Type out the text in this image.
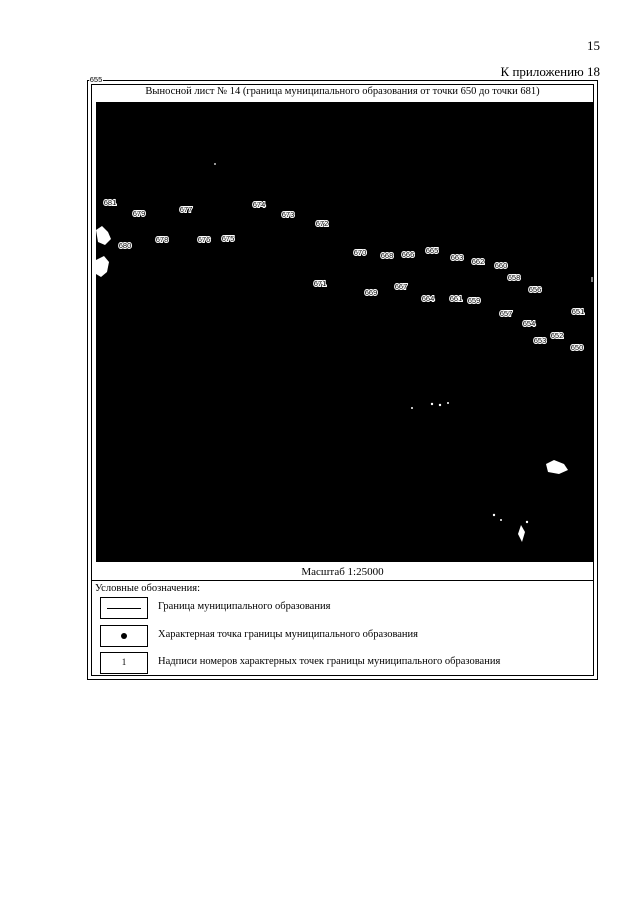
15
К приложению 18
Выносной лист № 14 (граница муниципального образования от точки 650 до точки 681)
681
679	677
674
673
672
680
678	676 675
670 668 666 665
663 662 660
658
671
669
667
664 661 659
656
657	651
654
653
652
650
655
Масштаб 1:25000
Условные обозначения:
Граница муниципального образования
Характерная точка границы муниципального образования
1	Надписи номеров характерных точек границы муниципального образования
